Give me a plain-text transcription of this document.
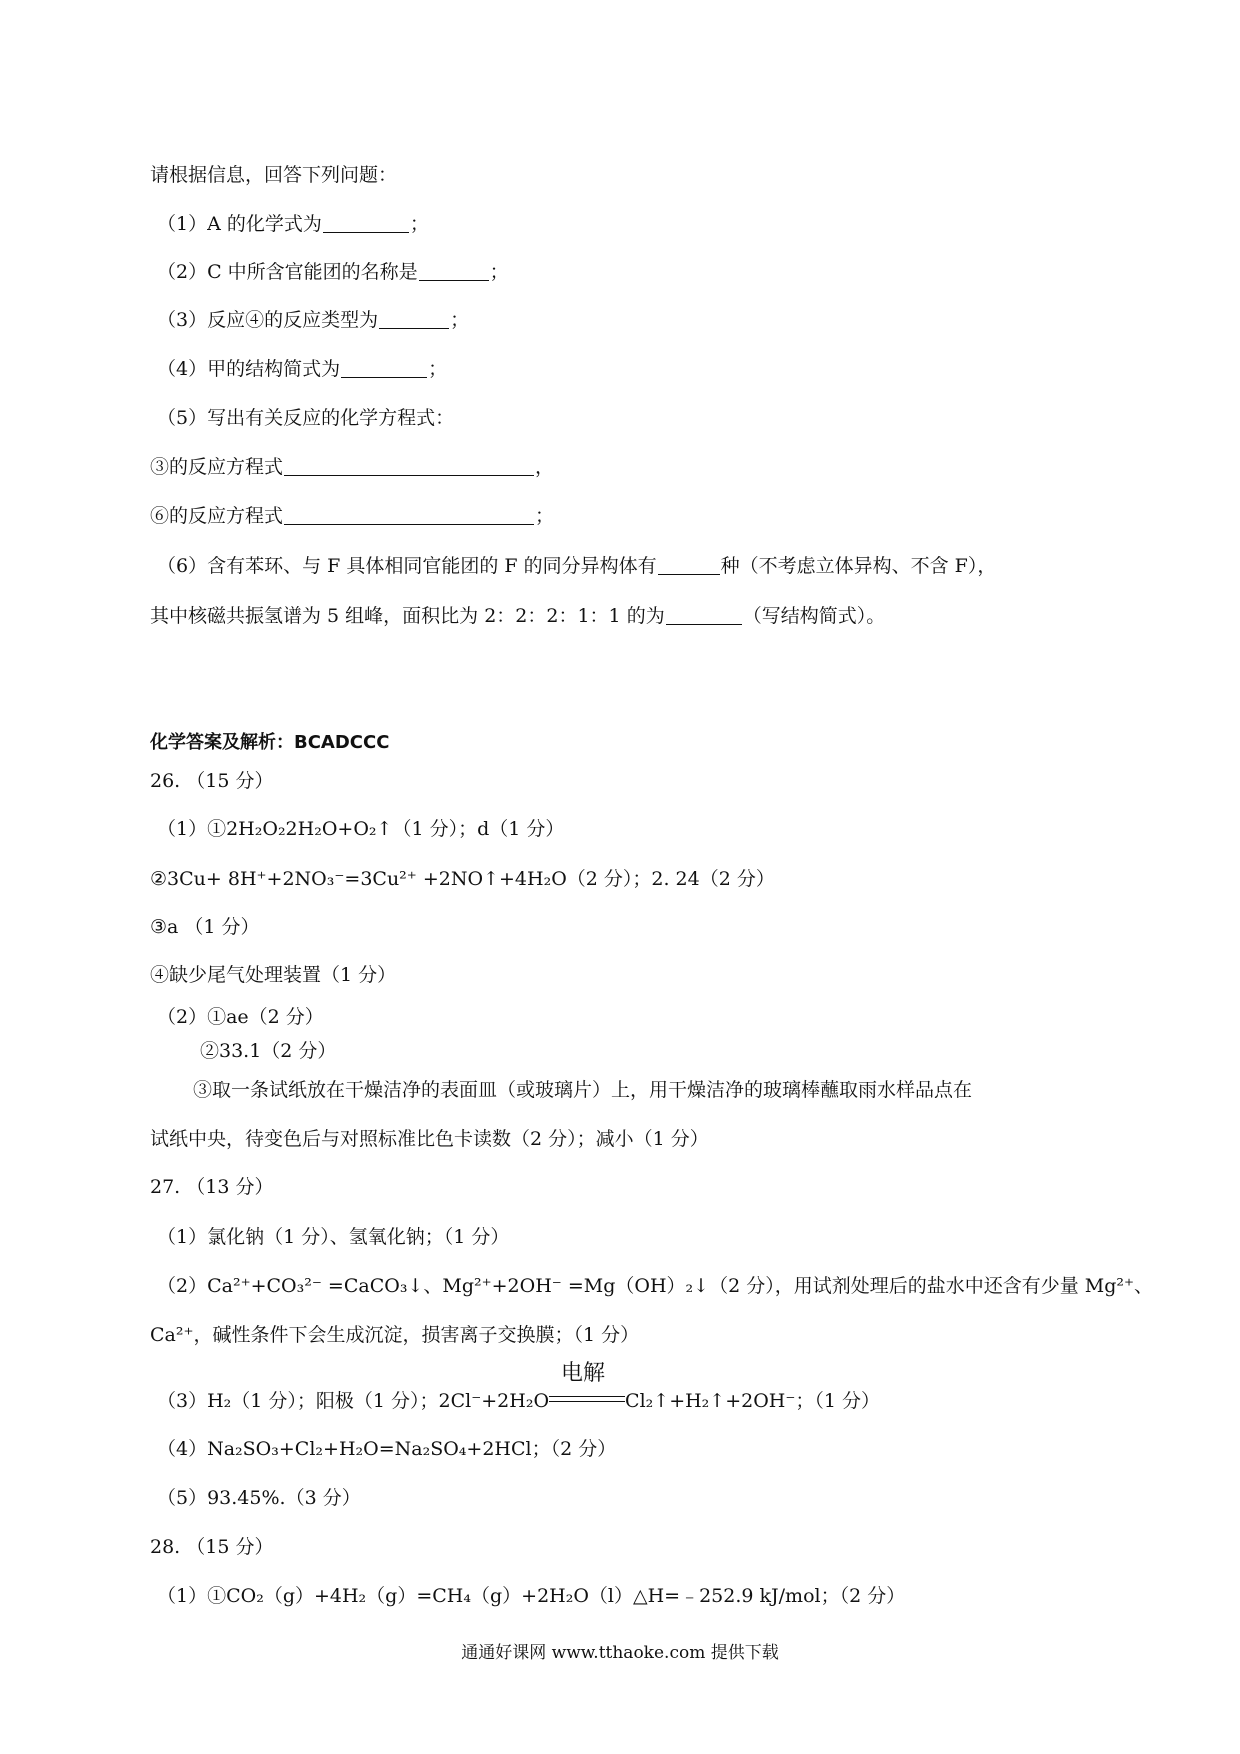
请根据信息，回答下列问题：
（1）A 的化学式为	；
（2）C 中所含官能团的名称是	；
（3）反应④的反应类型为	；
（4）甲的结构简式为	；
（5）写出有关反应的化学方程式：
③的反应方程式	，
⑥的反应方程式	；
（6）含有苯环、与 F 具体相同官能团的 F 的同分异构体有	种（不考虑立体异构、不含 F），
其中核磁共振氢谱为 5 组峰，面积比为 2：2：2：1：1 的为	（写结构简式）。
化学答案及解析：BCADCCC
26. （15 分）
（1）①2H₂O₂2H₂O+O₂↑（1 分）；d（1 分）
②3Cu+ 8H⁺+2NO₃⁻=3Cu²⁺ +2NO↑+4H₂O（2 分）；2. 24（2 分）
③a （1 分）
④缺少尾气处理装置（1 分）
（2）①ae（2 分）
②33.1（2 分）
③取一条试纸放在干燥洁净的表面皿（或玻璃片）上，用干燥洁净的玻璃棒蘸取雨水样品点在
试纸中央，待变色后与对照标准比色卡读数（2 分）；减小（1 分）
27. （13 分）
（1）氯化钠（1 分）、氢氧化钠；（1 分）
（2）Ca²⁺+CO₃²⁻ =CaCO₃↓、Mg²⁺+2OH⁻ =Mg（OH）₂↓（2 分），用试剂处理后的盐水中还含有少量 Mg²⁺、
Ca²⁺，碱性条件下会生成沉淀，损害离子交换膜；（1 分）
（3）H₂（1 分）；阳极（1 分）；2Cl⁻+2H₂O
电解
Cl₂↑+H₂↑+2OH⁻；（1 分）
（4）Na₂SO₃+Cl₂+H₂O=Na₂SO₄+2HCl；（2 分）
（5）93.45%.（3 分）
28. （15 分）
（1）①CO₂（g）+4H₂（g）=CH₄（g）+2H₂O（l）△H=﹣252.9 kJ/mol；（2 分）
通通好课网 www.tthaoke.com 提供下载
